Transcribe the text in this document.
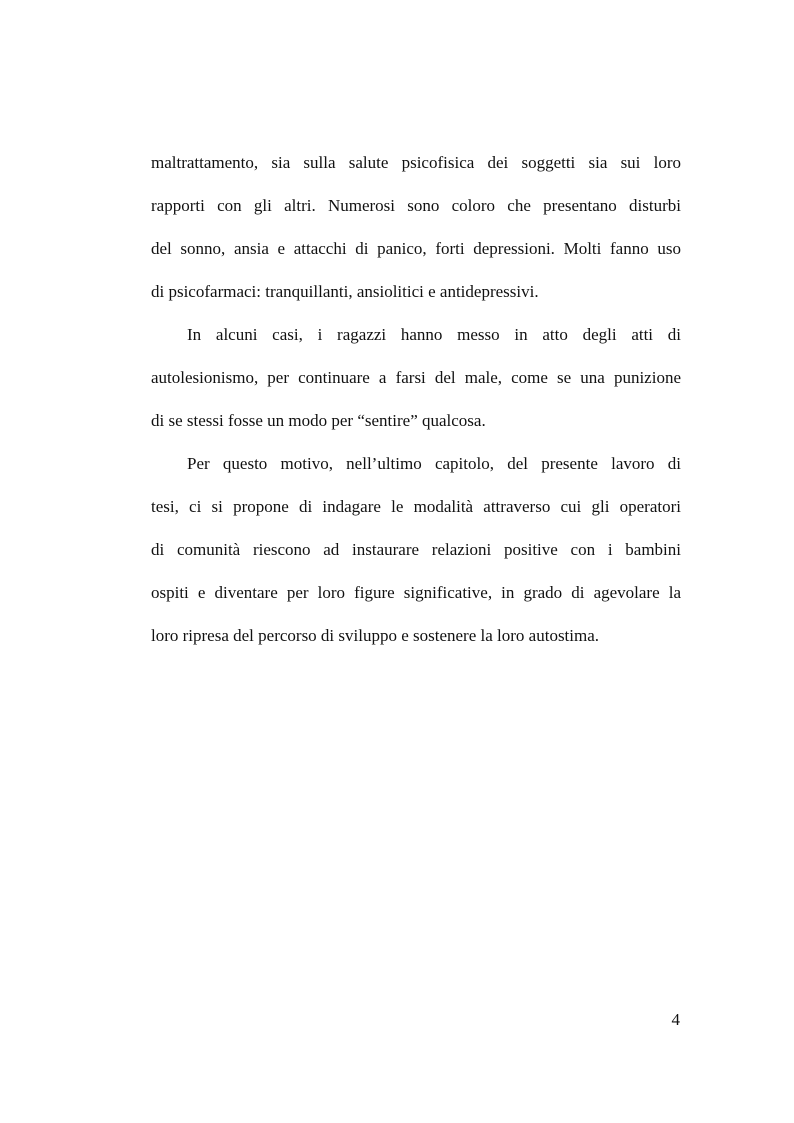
maltrattamento, sia sulla salute psicofisica dei soggetti sia sui loro
rapporti con gli altri. Numerosi sono coloro che presentano disturbi
del sonno, ansia e attacchi di panico, forti depressioni. Molti fanno uso
di psicofarmaci: tranquillanti, ansiolitici e antidepressivi.
In alcuni casi, i ragazzi hanno messo in atto degli atti di
autolesionismo, per continuare a farsi del male, come se una punizione
di se stessi fosse un modo per “sentire” qualcosa.
Per questo motivo, nell’ultimo capitolo, del presente lavoro di
tesi, ci si propone di indagare le modalità attraverso cui gli operatori
di comunità riescono ad instaurare relazioni positive con i bambini
ospiti e diventare per loro figure significative, in grado di agevolare la
loro ripresa del percorso di sviluppo e sostenere la loro autostima.
4
